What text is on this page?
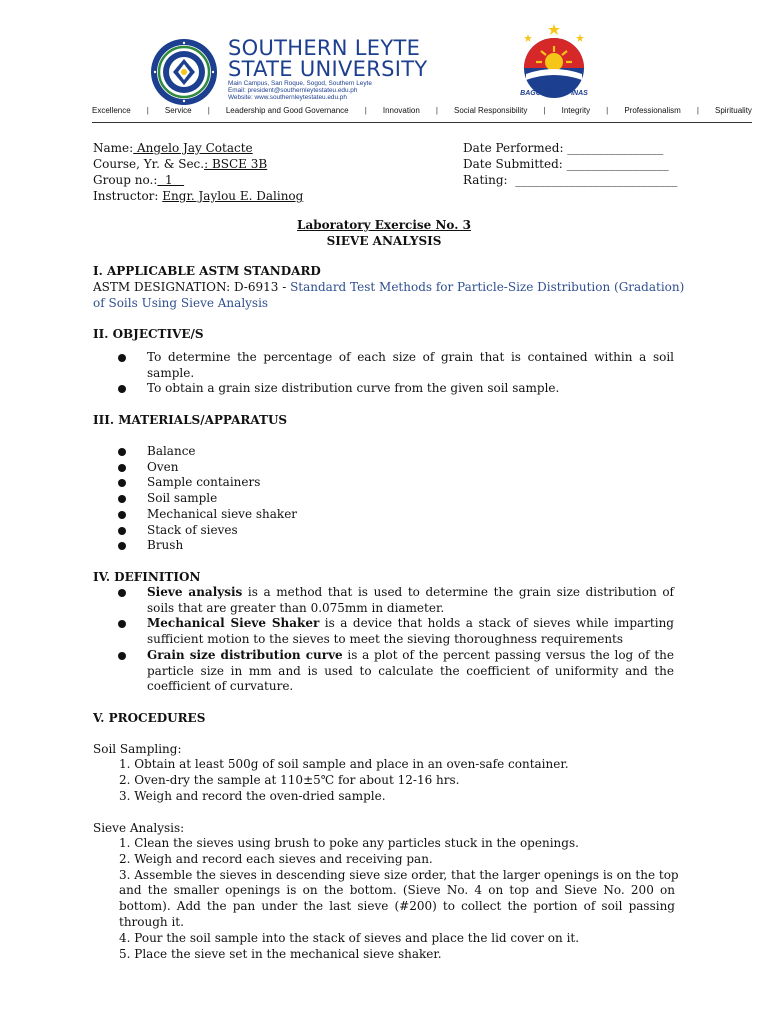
SOUTHERN LEYTE
STATE UNIVERSITY
Main Campus, San Roque, Sogod, Southern Leyte
Email: president@southernleytestateu.edu.ph
Website: www.southernleytestateu.edu.ph
BAGONG PILIPINAS
Excellence | Service | Leadership and Good Governance | Innovation | Social Responsibility | Integrity | Professionalism | Spirituality
Name: Angelo Jay Cotacte
Course, Yr. & Sec.: BSCE 3B
Group no.:  1
Instructor: Engr. Jaylou E. Dalinog
Date Performed: ________________
Date Submitted: _________________
Rating:  ___________________________
Laboratory Exercise No. 3
SIEVE ANALYSIS
I. APPLICABLE ASTM STANDARD
ASTM DESIGNATION: D-6913 - Standard Test Methods for Particle-Size Distribution (Gradation)
of Soils Using Sieve Analysis
II. OBJECTIVE/S
To determine the percentage of each size of grain that is contained within a soil sample.
To obtain a grain size distribution curve from the given soil sample.
III. MATERIALS/APPARATUS
Balance
Oven
Sample containers
Soil sample
Mechanical sieve shaker
Stack of sieves
Brush
IV. DEFINITION
Sieve analysis is a method that is used to determine the grain size distribution of soils that are greater than 0.075mm in diameter.
Mechanical Sieve Shaker is a device that holds a stack of sieves while imparting sufficient motion to the sieves to meet the sieving thoroughness requirements
Grain size distribution curve is a plot of the percent passing versus the log of the particle size in mm and is used to calculate the coefficient of uniformity and the coefficient of curvature.
V. PROCEDURES
Soil Sampling:
1. Obtain at least 500g of soil sample and place in an oven-safe container.
2. Oven-dry the sample at 110±5℃ for about 12-16 hrs.
3. Weigh and record the oven-dried sample.
Sieve Analysis:
1. Clean the sieves using brush to poke any particles stuck in the openings.
2. Weigh and record each sieves and receiving pan.
3. Assemble the sieves in descending sieve size order, that the larger openings is on the top
and the smaller openings is on the bottom. (Sieve No. 4 on top and Sieve No. 200 on bottom). Add the pan under the last sieve (#200) to collect the portion of soil passing through it.
4. Pour the soil sample into the stack of sieves and place the lid cover on it.
5. Place the sieve set in the mechanical sieve shaker.
